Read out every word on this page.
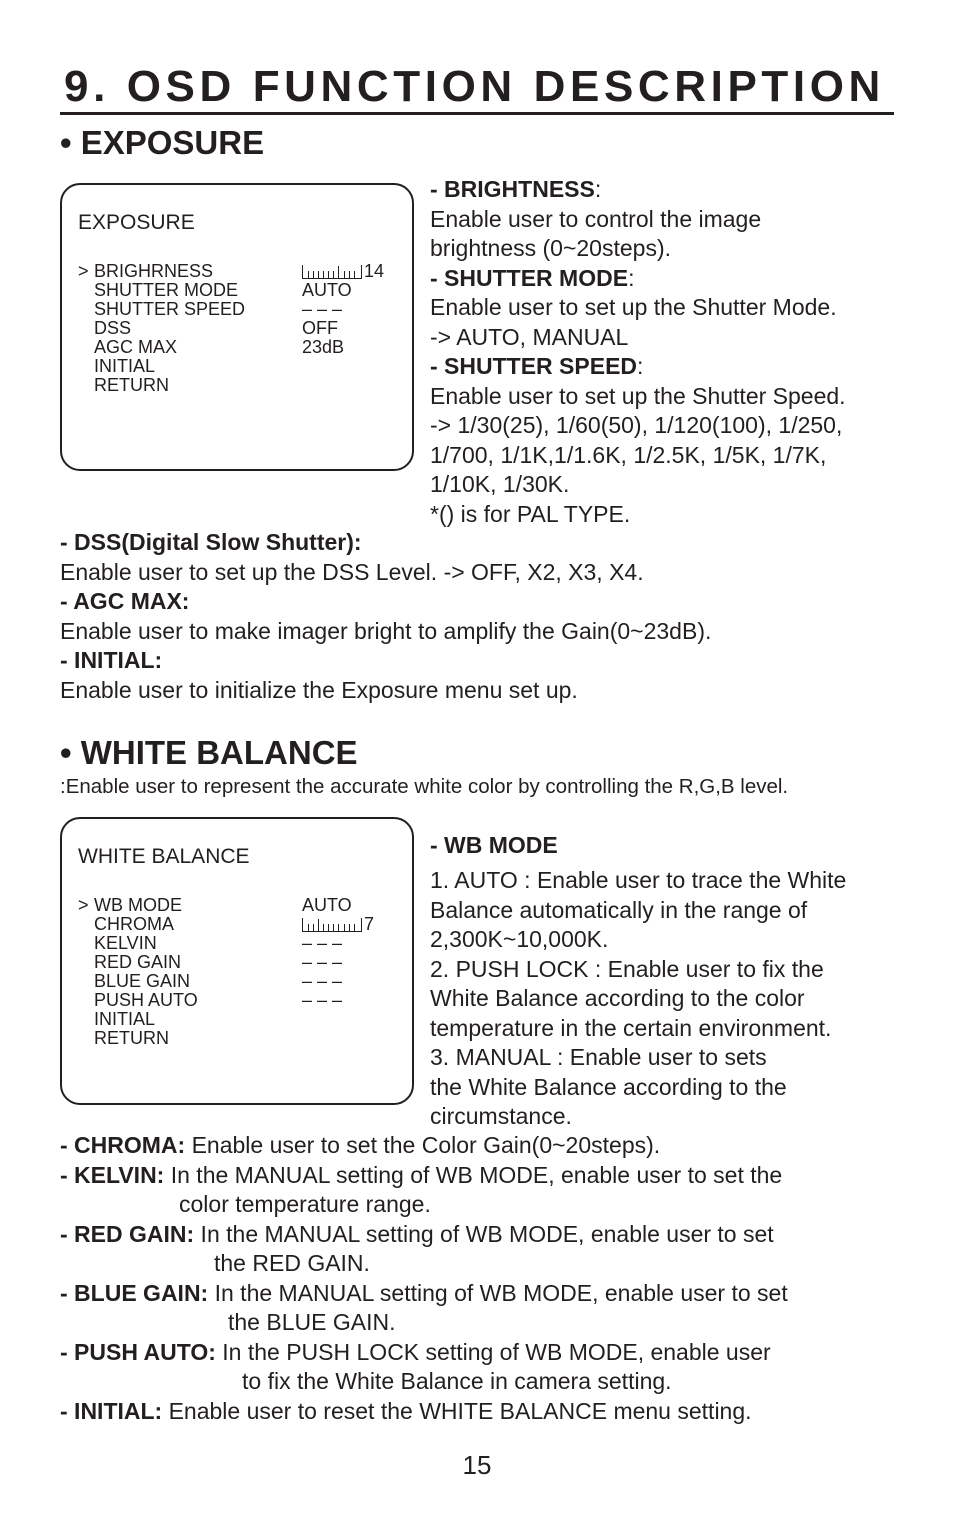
9. OSD FUNCTION DESCRIPTION
• EXPOSURE
EXPOSURE
> BRIGHRNESS	14
SHUTTER MODE	AUTO
SHUTTER SPEED	– – –
DSS	OFF
AGC MAX	23dB
INITIAL
RETURN
- BRIGHTNESS:
Enable user to control the image
brightness (0~20steps).
- SHUTTER MODE:
Enable user to set up the Shutter Mode.
-> AUTO, MANUAL
- SHUTTER SPEED:
Enable user to set up the Shutter Speed.
-> 1/30(25), 1/60(50), 1/120(100), 1/250,
1/700, 1/1K,1/1.6K, 1/2.5K, 1/5K, 1/7K,
1/10K, 1/30K.
*() is for PAL TYPE.
- DSS(Digital Slow Shutter):
Enable user to set up the DSS Level. -> OFF, X2, X3, X4.
- AGC MAX:
Enable user to make imager bright to amplify the Gain(0~23dB).
- INITIAL:
Enable user to initialize the Exposure menu set up.
• WHITE BALANCE
:Enable user to represent the accurate white color by controlling the R,G,B level.
WHITE BALANCE
> WB MODE	AUTO
CHROMA	7
KELVIN	– – –
RED GAIN	– – –
BLUE GAIN	– – –
PUSH AUTO	– – –
INITIAL
RETURN
- WB MODE
1. AUTO : Enable user to trace the White
Balance automatically in the range of
2,300K~10,000K.
2. PUSH LOCK : Enable user to fix the
White Balance according to the color
temperature in the certain environment.
3. MANUAL : Enable user to sets
the White Balance according to the
circumstance.
- CHROMA: Enable user to set the Color Gain(0~20steps).
- KELVIN: In the MANUAL setting of WB MODE, enable user to set the
color temperature range.
- RED GAIN: In the MANUAL setting of WB MODE, enable user to set
the RED GAIN.
- BLUE GAIN: In the MANUAL setting of WB MODE, enable user to set
the BLUE GAIN.
- PUSH AUTO: In the PUSH LOCK setting of WB MODE, enable user
to fix the White Balance in camera setting.
- INITIAL: Enable user to reset the WHITE BALANCE menu setting.
15
